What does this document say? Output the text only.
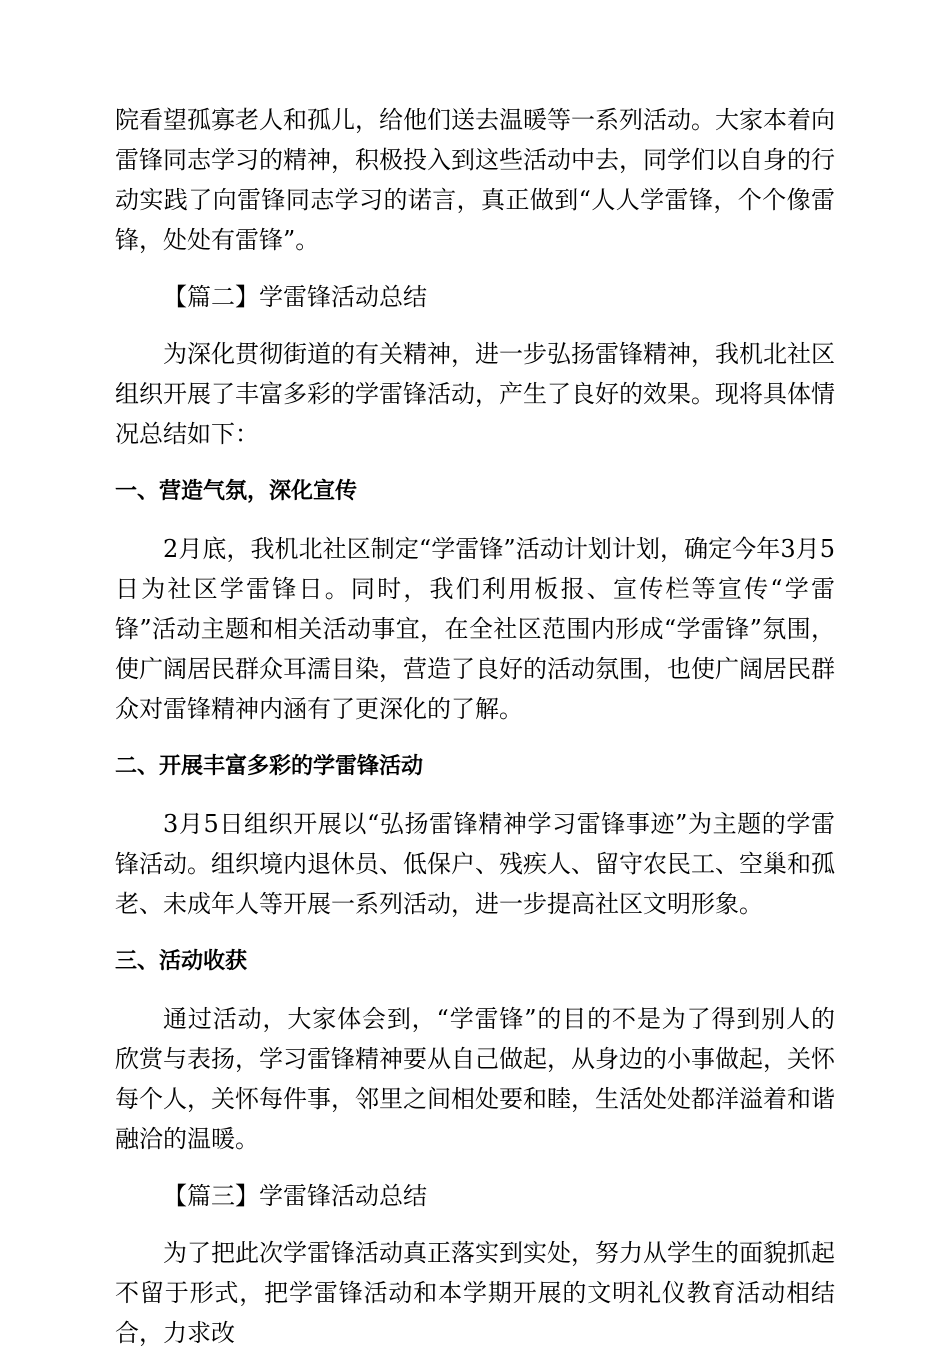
院看望孤寡老人和孤儿，给他们送去温暖等一系列活动。大家本着向雷锋同志学习的精神，积极投入到这些活动中去，同学们以自身的行动实践了向雷锋同志学习的诺言，真正做到“人人学雷锋，个个像雷锋，处处有雷锋”。

【篇二】学雷锋活动总结

为深化贯彻街道的有关精神，进一步弘扬雷锋精神，我机北社区组织开展了丰富多彩的学雷锋活动，产生了良好的效果。现将具体情况总结如下：

一、营造气氛，深化宣传

2月底，我机北社区制定“学雷锋”活动计划计划，确定今年3月5日为社区学雷锋日。同时，我们利用板报、宣传栏等宣传“学雷锋”活动主题和相关活动事宜，在全社区范围内形成“学雷锋”氛围，使广阔居民群众耳濡目染，营造了良好的活动氛围，也使广阔居民群众对雷锋精神内涵有了更深化的了解。

二、开展丰富多彩的学雷锋活动

3月5日组织开展以“弘扬雷锋精神学习雷锋事迹”为主题的学雷锋活动。组织境内退休员、低保户、残疾人、留守农民工、空巢和孤老、未成年人等开展一系列活动，进一步提高社区文明形象。

三、活动收获

通过活动，大家体会到，“学雷锋”的目的不是为了得到别人的欣赏与表扬，学习雷锋精神要从自己做起，从身边的小事做起，关怀每个人，关怀每件事，邻里之间相处要和睦，生活处处都洋溢着和谐融洽的温暖。

【篇三】学雷锋活动总结

为了把此次学雷锋活动真正落实到实处，努力从学生的面貌抓起不留于形式，把学雷锋活动和本学期开展的文明礼仪教育活动相结合，力求改
